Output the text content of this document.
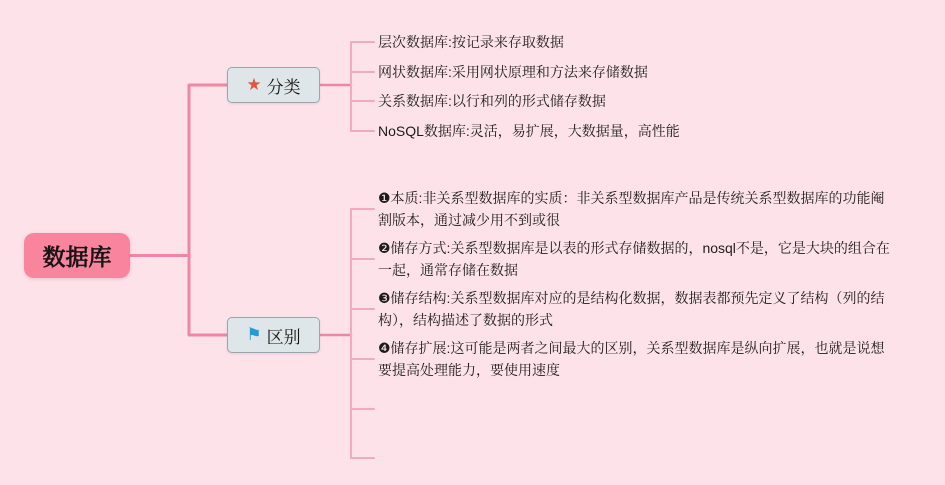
数据库
★ 分类
⚑ 区别
层次数据库:按记录来存取数据
网状数据库:采用网状原理和方法来存储数据
关系数据库:以行和列的形式储存数据
NoSQL数据库:灵活，易扩展，大数据量，高性能
❶本质:非关系型数据库的实质：非关系型数据库产品是传统关系型数据库的功能阉割版本，通过减少用不到或很
❷储存方式:关系型数据库是以表的形式存储数据的，nosql不是，它是大块的组合在一起，通常存储在数据
❸储存结构:关系型数据库对应的是结构化数据，数据表都预先定义了结构（列的结构），结构描述了数据的形式
❹储存扩展:这可能是两者之间最大的区别，关系型数据库是纵向扩展，也就是说想要提高处理能力，要使用速度
